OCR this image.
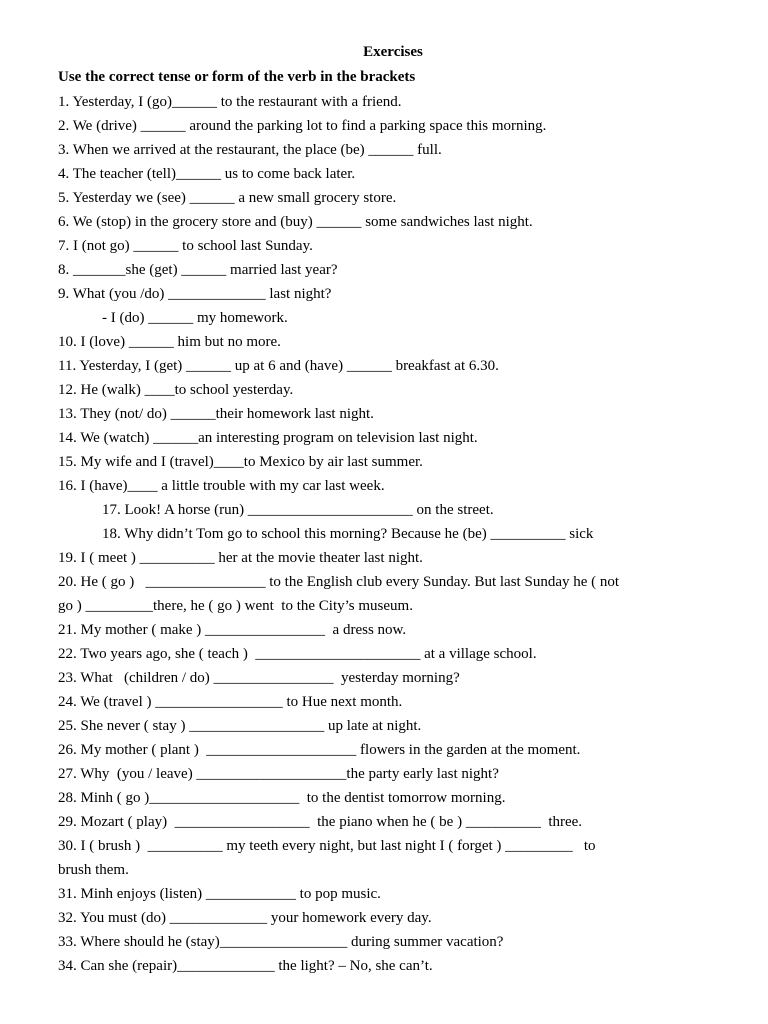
Exercises
Use the correct tense or form of the verb in the brackets
1. Yesterday, I (go)______ to the restaurant with a friend.
2. We (drive) ______ around the parking lot to find a parking space this morning.
3. When we arrived at the restaurant, the place (be) ______ full.
4. The teacher (tell)______ us to come back later.
5. Yesterday we (see) ______ a new small grocery store.
6. We (stop) in the grocery store and (buy) ______ some sandwiches last night.
7. I (not go) ______ to school last Sunday.
8. _______she (get) ______ married last year?
9. What (you /do) _____________ last night?
- I (do) ______ my homework.
10. I (love) ______ him but no more.
11. Yesterday, I (get) ______ up at 6 and (have) ______ breakfast at 6.30.
12. He (walk) ____to school yesterday.
13. They (not/ do) ______their homework last night.
14. We (watch) ______an interesting program on television last night.
15. My wife and I (travel)____to Mexico by air last summer.
16. I (have)____ a little trouble with my car last week.
17. Look! A horse (run) ______________________ on the street.
18. Why didn’t Tom go to school this morning? Because he (be) __________ sick
19. I ( meet ) __________ her at the movie theater last night.
20. He ( go )   ________________ to the English club every Sunday. But last Sunday he ( not
go ) _________there, he ( go ) went  to the City’s museum.
21. My mother ( make ) ________________  a dress now.
22. Two years ago, she ( teach )  ______________________ at a village school.
23. What   (children / do) ________________  yesterday morning?
24. We (travel ) _________________ to Hue next month.
25. She never ( stay ) __________________ up late at night.
26. My mother ( plant )  ____________________ flowers in the garden at the moment.
27. Why  (you / leave) ____________________the party early last night?
28. Minh ( go )____________________  to the dentist tomorrow morning.
29. Mozart ( play)  __________________  the piano when he ( be ) __________  three.
30. I ( brush )  __________ my teeth every night, but last night I ( forget ) _________   to
brush them.
31. Minh enjoys (listen) ____________ to pop music.
32. You must (do) _____________ your homework every day.
33. Where should he (stay)_________________ during summer vacation?
34. Can she (repair)_____________ the light? – No, she can’t.
